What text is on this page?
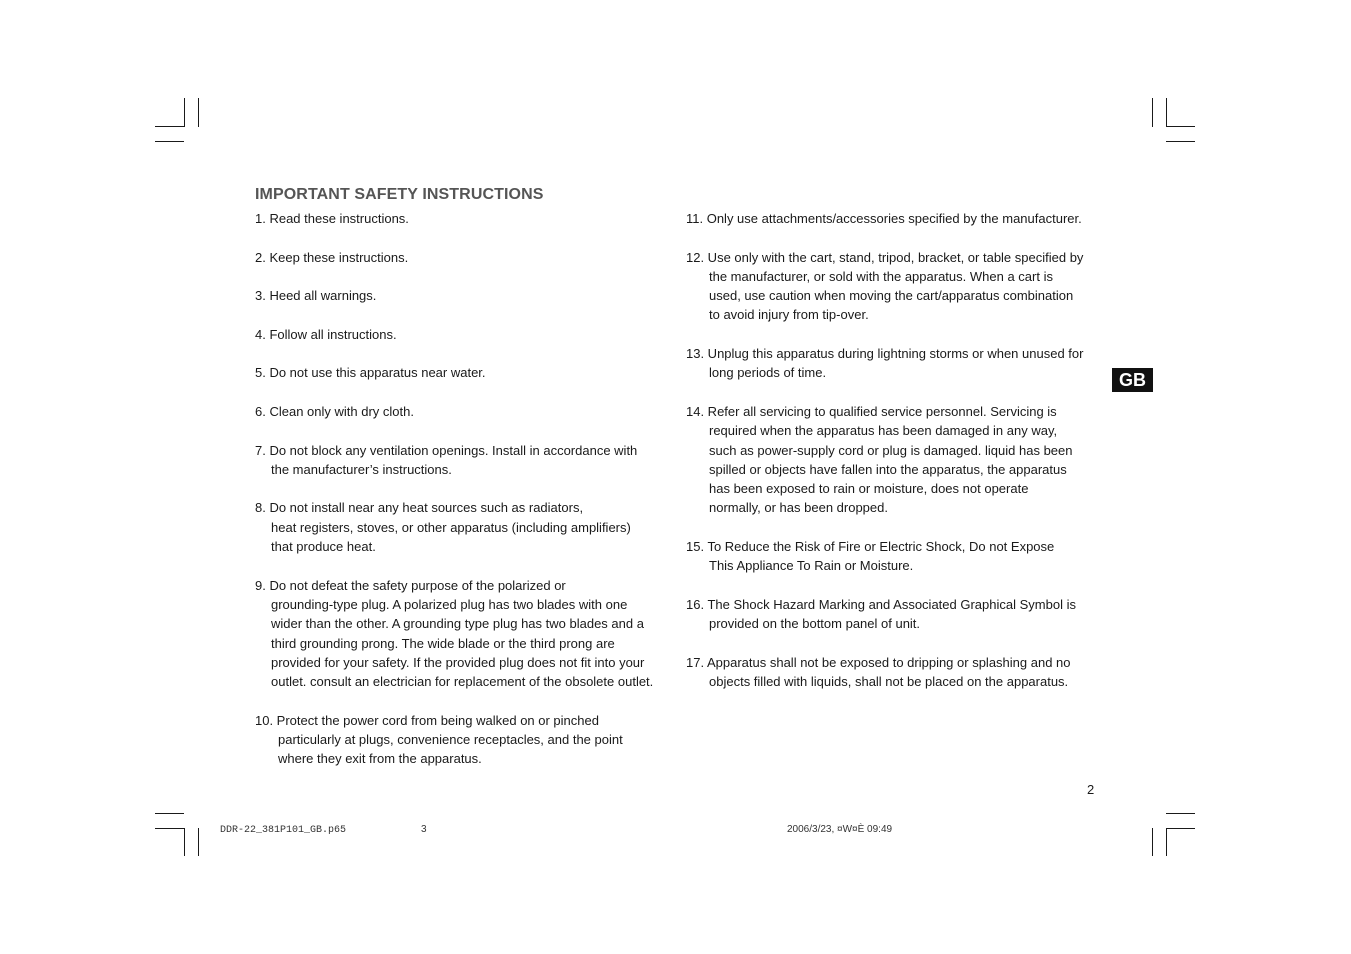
IMPORTANT SAFETY INSTRUCTIONS
1. Read these instructions.
2. Keep these instructions.
3. Heed all warnings.
4. Follow all instructions.
5. Do not use this apparatus near water.
6. Clean only with dry cloth.
7. Do not block any ventilation openings. Install in accordance with
the manufacturer’s instructions.
8. Do not install near any heat sources such as radiators,
heat registers, stoves, or other apparatus (including amplifiers)
that produce heat.
9. Do not defeat the safety purpose of the polarized or
grounding-type plug. A polarized plug has two blades with one
wider than the other. A grounding type plug has two blades and a
third grounding prong. The wide blade or the third prong are
provided for your safety. If the provided plug does not fit into your
outlet. consult an electrician for replacement of the obsolete outlet.
10. Protect the power cord from being walked on or pinched
particularly at plugs, convenience receptacles, and the point
where they exit from the apparatus.
11. Only use attachments/accessories specified by the manufacturer.
12. Use only with the cart, stand, tripod, bracket, or table specified by
the manufacturer, or sold with the apparatus. When a cart is
used, use caution when moving the cart/apparatus combination
to avoid injury from tip-over.
13. Unplug this apparatus during lightning storms or when unused for
long periods of time.
14. Refer all servicing to qualified service personnel. Servicing is
required when the apparatus has been damaged in any way,
such as power-supply cord or plug is damaged. liquid has been
spilled or objects have fallen into the apparatus, the apparatus
has been exposed to rain or moisture, does not operate
normally, or has been dropped.
15. To Reduce the Risk of Fire or Electric Shock, Do not Expose
This Appliance To Rain or Moisture.
16. The Shock Hazard Marking and Associated Graphical Symbol is
provided on the bottom panel of unit.
17. Apparatus shall not be exposed to dripping or splashing and no
objects filled with liquids, shall not be placed on the apparatus.
GB
2
DDR-22_381P101_GB.p65	3	2006/3/23, ¤W¤È 09:49
